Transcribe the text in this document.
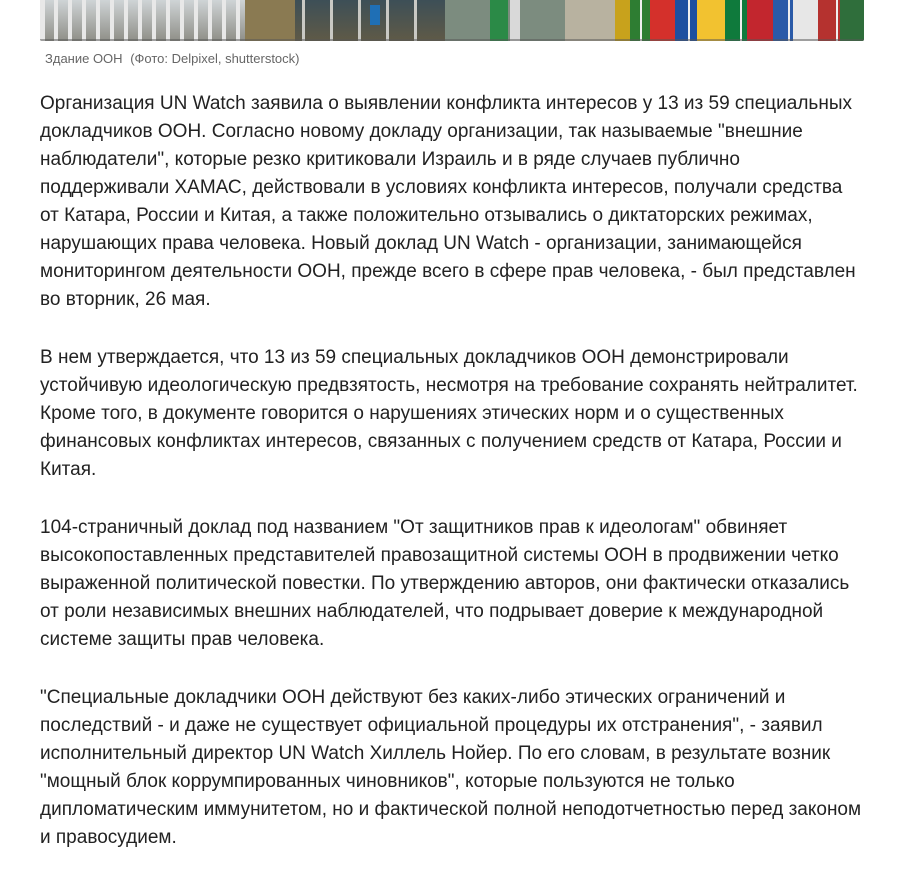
Здание ООН (Фото: Delpixel, shutterstock)

Организация UN Watch заявила о выявлении конфликта интересов у 13 из 59 специальных докладчиков ООН. Согласно новому докладу организации, так называемые "внешние наблюдатели", которые резко критиковали Израиль и в ряде случаев публично поддерживали ХАМАС, действовали в условиях конфликта интересов, получали средства от Катара, России и Китая, а также положительно отзывались о диктаторских режимах, нарушающих права человека. Новый доклад UN Watch - организации, занимающейся мониторингом деятельности ООН, прежде всего в сфере прав человека, - был представлен во вторник, 26 мая.

В нем утверждается, что 13 из 59 специальных докладчиков ООН демонстрировали устойчивую идеологическую предвзятость, несмотря на требование сохранять нейтралитет. Кроме того, в документе говорится о нарушениях этических норм и о существенных финансовых конфликтах интересов, связанных с получением средств от Катара, России и Китая.

104-страничный доклад под названием "От защитников прав к идеологам" обвиняет высокопоставленных представителей правозащитной системы ООН в продвижении четко выраженной политической повестки. По утверждению авторов, они фактически отказались от роли независимых внешних наблюдателей, что подрывает доверие к международной системе защиты прав человека.

"Специальные докладчики ООН действуют без каких-либо этических ограничений и последствий - и даже не существует официальной процедуры их отстранения", - заявил исполнительный директор UN Watch Хиллель Нойер. По его словам, в результате возник "мощный блок коррумпированных чиновников", которые пользуются не только дипломатическим иммунитетом, но и фактической полной неподотчетностью перед законом и правосудием.
